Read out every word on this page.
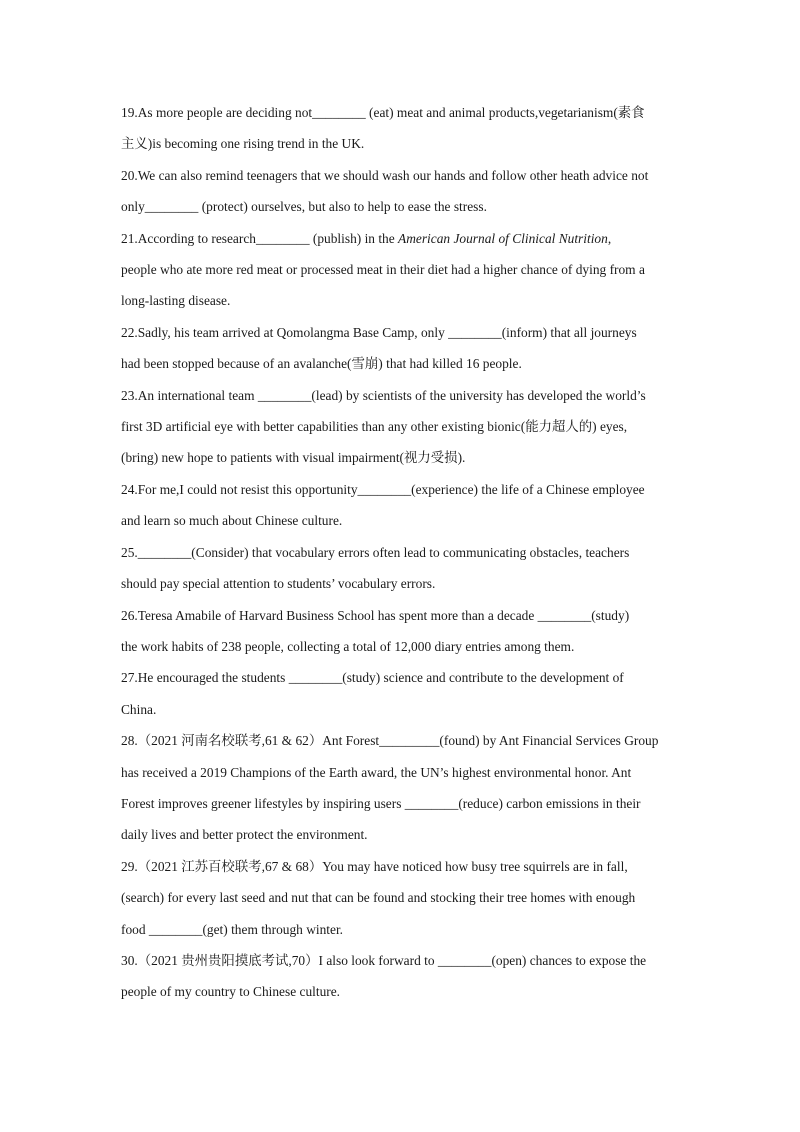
19.As more people are deciding not________ (eat) meat and animal products,vegetarianism(素食
主义)is becoming one rising trend in the UK.
20.We can also remind teenagers that we should wash our hands and follow other heath advice not
only________ (protect) ourselves, but also to help to ease the stress.
21.According to research________ (publish) in the American Journal of Clinical Nutrition,
people who ate more red meat or processed meat in their diet had a higher chance of dying from a
long-lasting disease.
22.Sadly, his team arrived at Qomolangma Base Camp, only ________(inform) that all journeys
had been stopped because of an avalanche(雪崩) that had killed 16 people.
23.An international team ________(lead) by scientists of the university has developed the world’s
first 3D artificial eye with better capabilities than any other existing bionic(能力超人的) eyes,
(bring) new hope to patients with visual impairment(视力受损).
24.For me,I could not resist this opportunity________(experience) the life of a Chinese employee
and learn so much about Chinese culture.
25.________(Consider) that vocabulary errors often lead to communicating obstacles, teachers
should pay special attention to students’ vocabulary errors.
26.Teresa Amabile of Harvard Business School has spent more than a decade ________(study)
the work habits of 238 people, collecting a total of 12,000 diary entries among them.
27.He encouraged the students ________(study) science and contribute to the development of
China.
28.（2021 河南名校联考,61 & 62）Ant Forest_________(found) by Ant Financial Services Group
has received a 2019 Champions of the Earth award, the UN’s highest environmental honor. Ant
Forest improves greener lifestyles by inspiring users ________(reduce) carbon emissions in their
daily lives and better protect the environment.
29.（2021 江苏百校联考,67 & 68）You may have noticed how busy tree squirrels are in fall,
(search) for every last seed and nut that can be found and stocking their tree homes with enough
food ________(get) them through winter.
30.（2021 贵州贵阳摸底考试,70）I also look forward to ________(open) chances to expose the
people of my country to Chinese culture.
